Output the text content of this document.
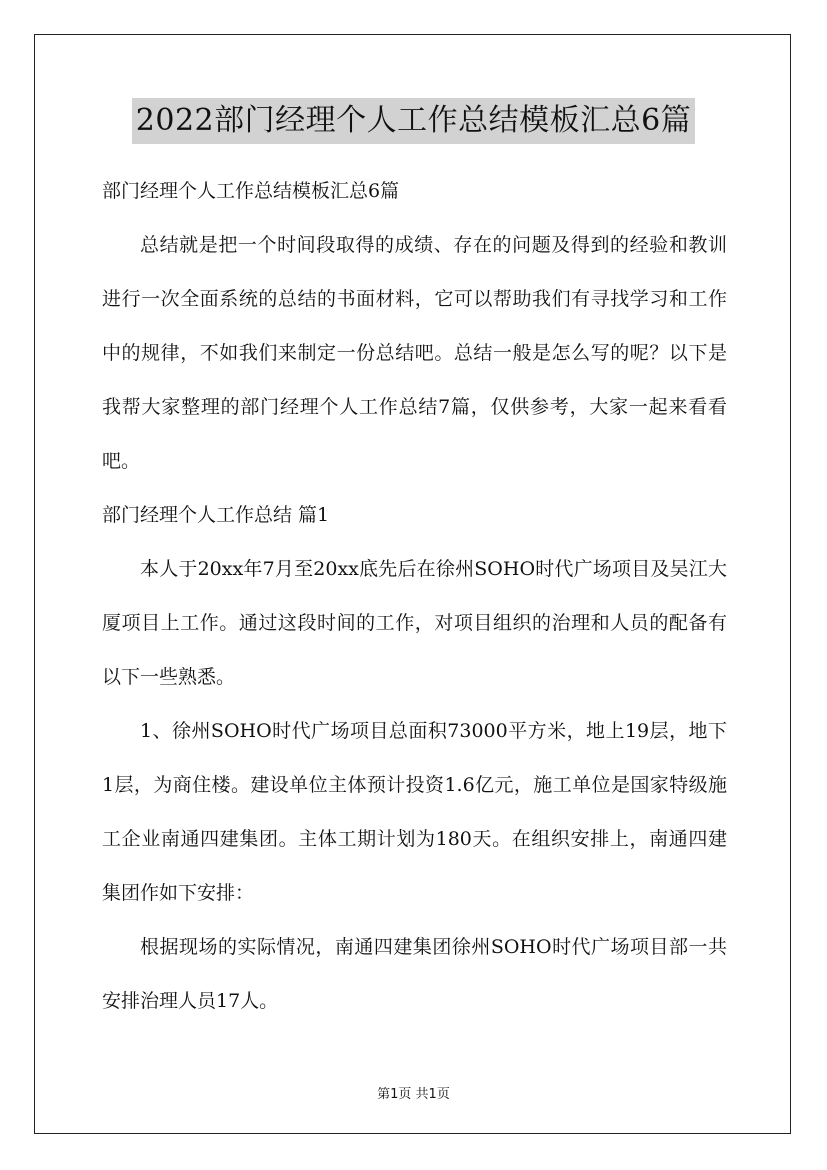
2022部门经理个人工作总结模板汇总6篇

部门经理个人工作总结模板汇总6篇

总结就是把一个时间段取得的成绩、存在的问题及得到的经验和教训进行一次全面系统的总结的书面材料，它可以帮助我们有寻找学习和工作中的规律，不如我们来制定一份总结吧。总结一般是怎么写的呢？以下是我帮大家整理的部门经理个人工作总结7篇，仅供参考，大家一起来看看吧。

部门经理个人工作总结 篇1

本人于20xx年7月至20xx底先后在徐州SOHO时代广场项目及吴江大厦项目上工作。通过这段时间的工作，对项目组织的治理和人员的配备有以下一些熟悉。

1、徐州SOHO时代广场项目总面积73000平方米，地上19层，地下1层，为商住楼。建设单位主体预计投资1.6亿元，施工单位是国家特级施工企业南通四建集团。主体工期计划为180天。在组织安排上，南通四建集团作如下安排：

根据现场的实际情况，南通四建集团徐州SOHO时代广场项目部一共安排治理人员17人。

第1页 共1页
